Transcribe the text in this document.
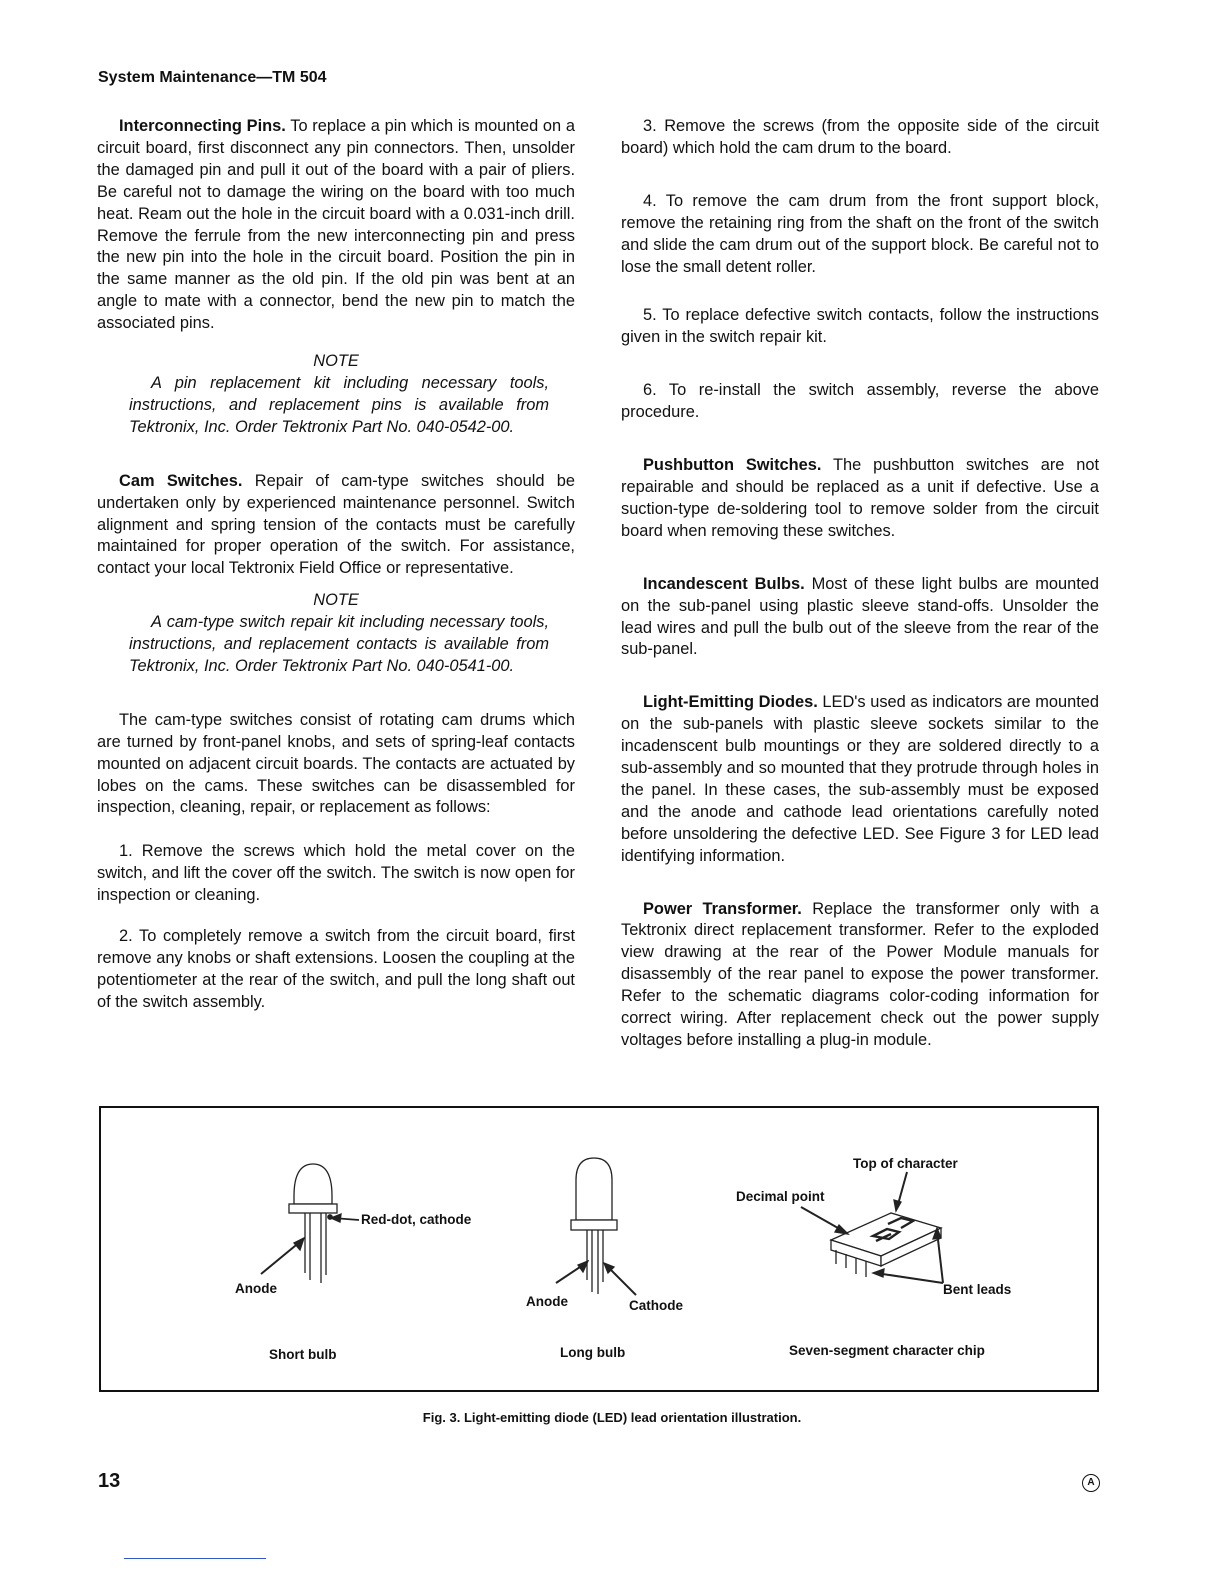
System Maintenance—TM 504

Interconnecting Pins. To replace a pin which is mounted on a circuit board, first disconnect any pin connectors. Then, unsolder the damaged pin and pull it out of the board with a pair of pliers. Be careful not to damage the wiring on the board with too much heat. Ream out the hole in the circuit board with a 0.031-inch drill. Remove the ferrule from the new interconnecting pin and press the new pin into the hole in the circuit board. Position the pin in the same manner as the old pin. If the old pin was bent at an angle to mate with a connector, bend the new pin to match the associated pins.

NOTE

A pin replacement kit including necessary tools, instructions, and replacement pins is available from Tektronix, Inc. Order Tektronix Part No. 040-0542-00.

Cam Switches. Repair of cam-type switches should be undertaken only by experienced maintenance personnel. Switch alignment and spring tension of the contacts must be carefully maintained for proper operation of the switch. For assistance, contact your local Tektronix Field Office or representative.

NOTE

A cam-type switch repair kit including necessary tools, instructions, and replacement contacts is available from Tektronix, Inc. Order Tektronix Part No. 040-0541-00.

The cam-type switches consist of rotating cam drums which are turned by front-panel knobs, and sets of spring-leaf contacts mounted on adjacent circuit boards. The contacts are actuated by lobes on the cams. These switches can be disassembled for inspection, cleaning, repair, or replacement as follows:

1. Remove the screws which hold the metal cover on the switch, and lift the cover off the switch. The switch is now open for inspection or cleaning.

2. To completely remove a switch from the circuit board, first remove any knobs or shaft extensions. Loosen the coupling at the potentiometer at the rear of the switch, and pull the long shaft out of the switch assembly.

3. Remove the screws (from the opposite side of the circuit board) which hold the cam drum to the board.

4. To remove the cam drum from the front support block, remove the retaining ring from the shaft on the front of the switch and slide the cam drum out of the support block. Be careful not to lose the small detent roller.

5. To replace defective switch contacts, follow the instructions given in the switch repair kit.

6. To re-install the switch assembly, reverse the above procedure.

Pushbutton Switches. The pushbutton switches are not repairable and should be replaced as a unit if defective. Use a suction-type de-soldering tool to remove solder from the circuit board when removing these switches.

Incandescent Bulbs. Most of these light bulbs are mounted on the sub-panel using plastic sleeve stand-offs. Unsolder the lead wires and pull the bulb out of the sleeve from the rear of the sub-panel.

Light-Emitting Diodes. LED's used as indicators are mounted on the sub-panels with plastic sleeve sockets similar to the incadenscent bulb mountings or they are soldered directly to a sub-assembly and so mounted that they protrude through holes in the panel. In these cases, the sub-assembly must be exposed and the anode and cathode lead orientations carefully noted before unsoldering the defective LED. See Figure 3 for LED lead identifying information.

Power Transformer. Replace the transformer only with a Tektronix direct replacement transformer. Refer to the exploded view drawing at the rear of the Power Module manuals for disassembly of the rear panel to expose the power transformer. Refer to the schematic diagrams color-coding information for correct wiring. After replacement check out the power supply voltages before installing a plug-in module.

Red-dot, cathode
Anode
Short bulb
Anode	Cathode
Long bulb
Top of character
Decimal point
Bent leads
Seven-segment character chip
Fig. 3. Light-emitting diode (LED) lead orientation illustration.
13	A
